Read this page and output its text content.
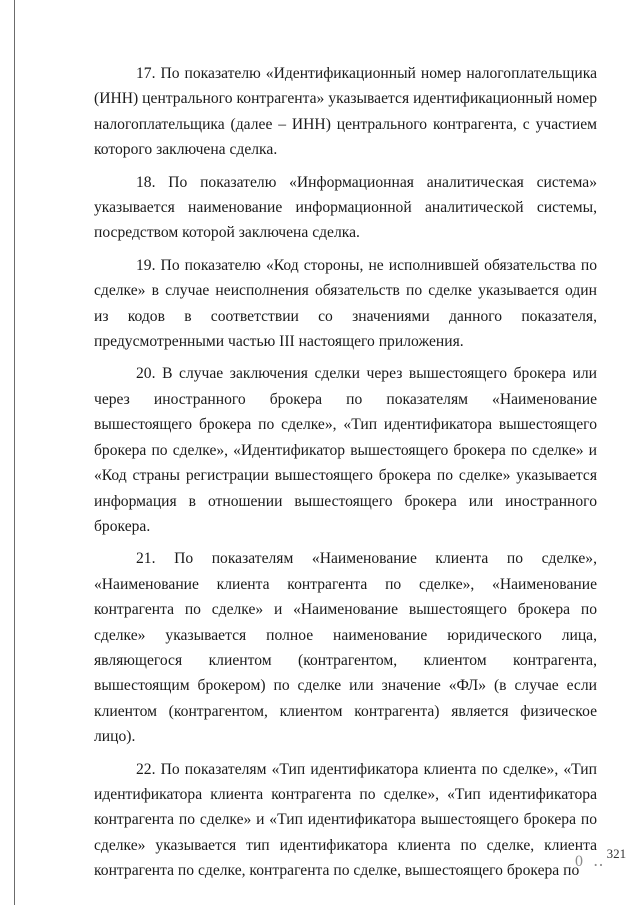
17. По показателю «Идентификационный номер налогоплательщика (ИНН) центрального контрагента» указывается идентификационный номер налогоплательщика (далее – ИНН) центрального контрагента, с участием которого заключена сделка.

18. По показателю «Информационная аналитическая система» указывается наименование информационной аналитической системы, посредством которой заключена сделка.

19. По показателю «Код стороны, не исполнившей обязательства по сделке» в случае неисполнения обязательств по сделке указывается один из кодов в соответствии со значениями данного показателя, предусмотренными частью III настоящего приложения.

20. В случае заключения сделки через вышестоящего брокера или через иностранного брокера по показателям «Наименование вышестоящего брокера по сделке», «Тип идентификатора вышестоящего брокера по сделке», «Идентификатор вышестоящего брокера по сделке» и «Код страны регистрации вышестоящего брокера по сделке» указывается информация в отношении вышестоящего брокера или иностранного брокера.

21. По показателям «Наименование клиента по сделке», «Наименование клиента контрагента по сделке», «Наименование контрагента по сделке» и «Наименование вышестоящего брокера по сделке» указывается полное наименование юридического лица, являющегося клиентом (контрагентом, клиентом контрагента, вышестоящим брокером) по сделке или значение «ФЛ» (в случае если клиентом (контрагентом, клиентом контрагента) является физическое лицо).

22. По показателям «Тип идентификатора клиента по сделке», «Тип идентификатора клиента контрагента по сделке», «Тип идентификатора контрагента по сделке» и «Тип идентификатора вышестоящего брокера по сделке» указывается тип идентификатора клиента по сделке, клиента контрагента по сделке, контрагента по сделке, вышестоящего брокера по

0 ‥321
